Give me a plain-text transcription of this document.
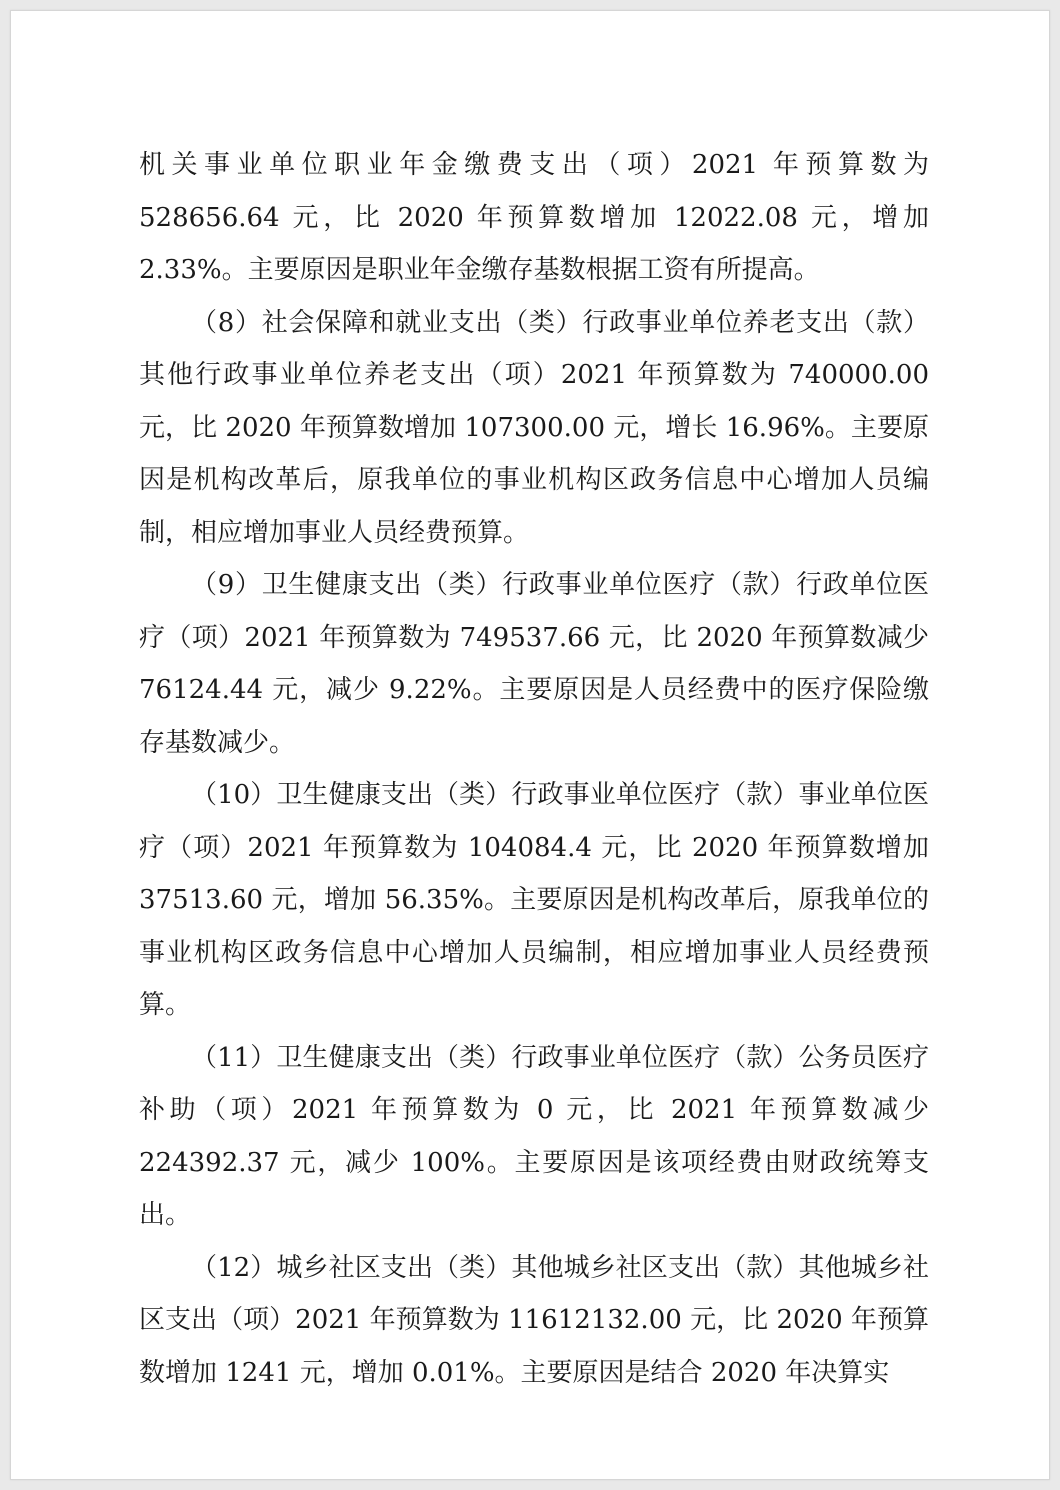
机关事业单位职业年金缴费支出（项）2021 年预算数为 528656.64 元，比 2020 年预算数增加 12022.08 元，增加 2.33%。主要原因是职业年金缴存基数根据工资有所提高。

（8）社会保障和就业支出（类）行政事业单位养老支出（款）其他行政事业单位养老支出（项）2021 年预算数为 740000.00 元，比 2020 年预算数增加 107300.00 元，增长 16.96%。主要原因是机构改革后，原我单位的事业机构区政务信息中心增加人员编制，相应增加事业人员经费预算。

（9）卫生健康支出（类）行政事业单位医疗（款）行政单位医疗（项）2021 年预算数为 749537.66 元，比 2020 年预算数减少 76124.44 元，减少 9.22%。主要原因是人员经费中的医疗保险缴存基数减少。

（10）卫生健康支出（类）行政事业单位医疗（款）事业单位医疗（项）2021 年预算数为 104084.4 元，比 2020 年预算数增加 37513.60 元，增加 56.35%。主要原因是机构改革后，原我单位的事业机构区政务信息中心增加人员编制，相应增加事业人员经费预算。

（11）卫生健康支出（类）行政事业单位医疗（款）公务员医疗补助（项）2021 年预算数为 0 元，比 2021 年预算数减少 224392.37 元，减少 100%。主要原因是该项经费由财政统筹支出。

（12）城乡社区支出（类）其他城乡社区支出（款）其他城乡社区支出（项）2021 年预算数为 11612132.00 元，比 2020 年预算数增加 1241 元，增加 0.01%。主要原因是结合 2020 年决算实
